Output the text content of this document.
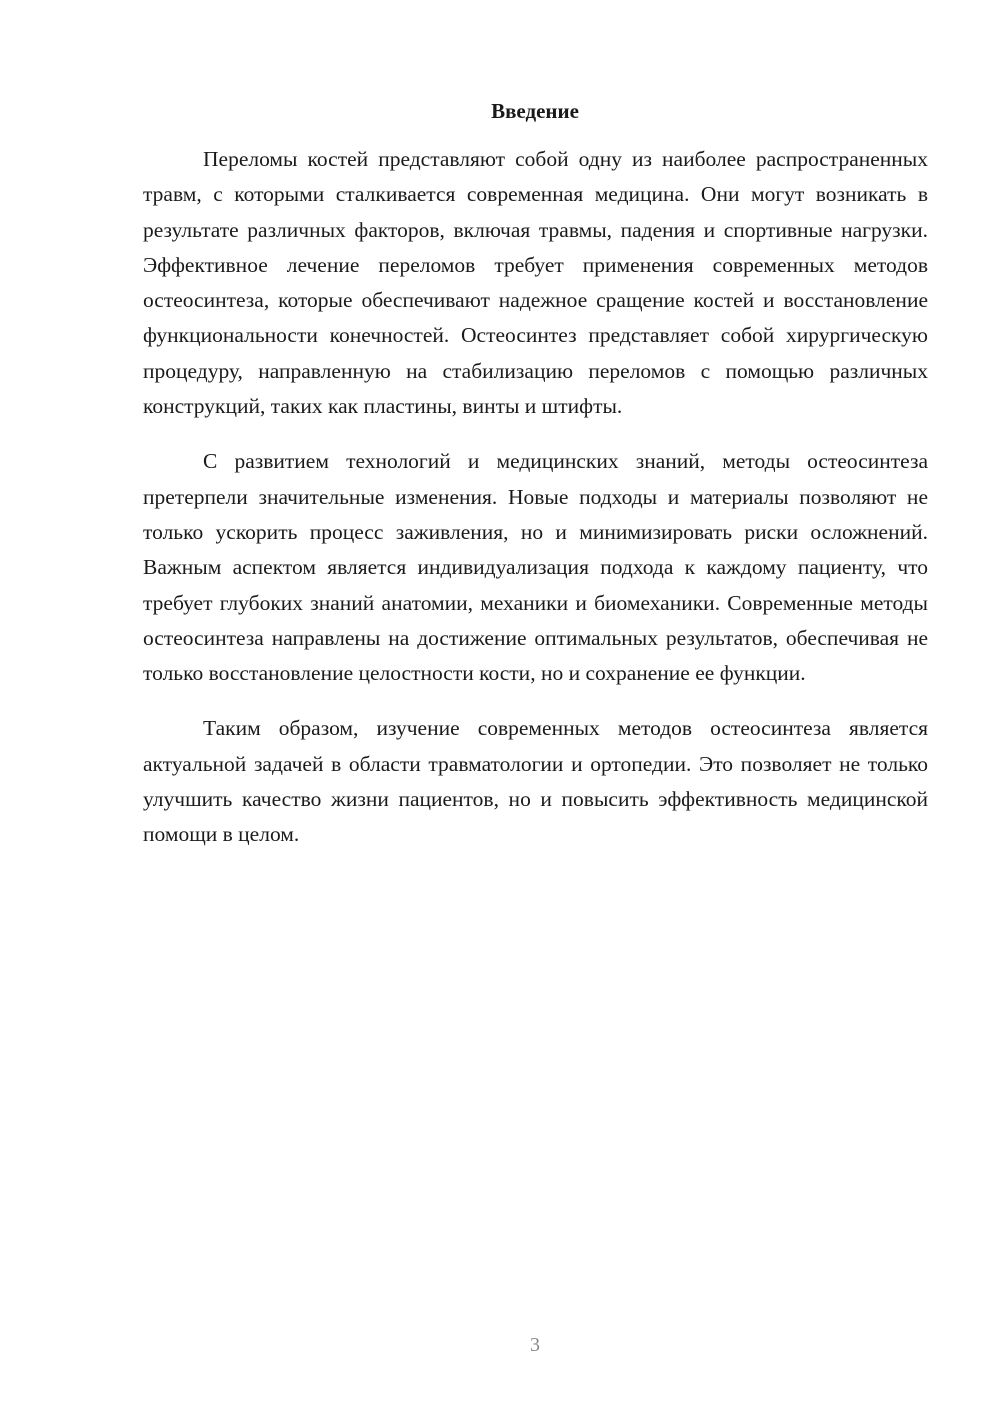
Введение

Переломы костей представляют собой одну из наиболее распространенных травм, с которыми сталкивается современная медицина. Они могут возникать в результате различных факторов, включая травмы, падения и спортивные нагрузки. Эффективное лечение переломов требует применения современных методов остеосинтеза, которые обеспечивают надежное сращение костей и восстановление функциональности конечностей. Остеосинтез представляет собой хирургическую процедуру, направленную на стабилизацию переломов с помощью различных конструкций, таких как пластины, винты и штифты.

С развитием технологий и медицинских знаний, методы остеосинтеза претерпели значительные изменения. Новые подходы и материалы позволяют не только ускорить процесс заживления, но и минимизировать риски осложнений. Важным аспектом является индивидуализация подхода к каждому пациенту, что требует глубоких знаний анатомии, механики и биомеханики. Современные методы остеосинтеза направлены на достижение оптимальных результатов, обеспечивая не только восстановление целостности кости, но и сохранение ее функции.

Таким образом, изучение современных методов остеосинтеза является актуальной задачей в области травматологии и ортопедии. Это позволяет не только улучшить качество жизни пациентов, но и повысить эффективность медицинской помощи в целом.

3
